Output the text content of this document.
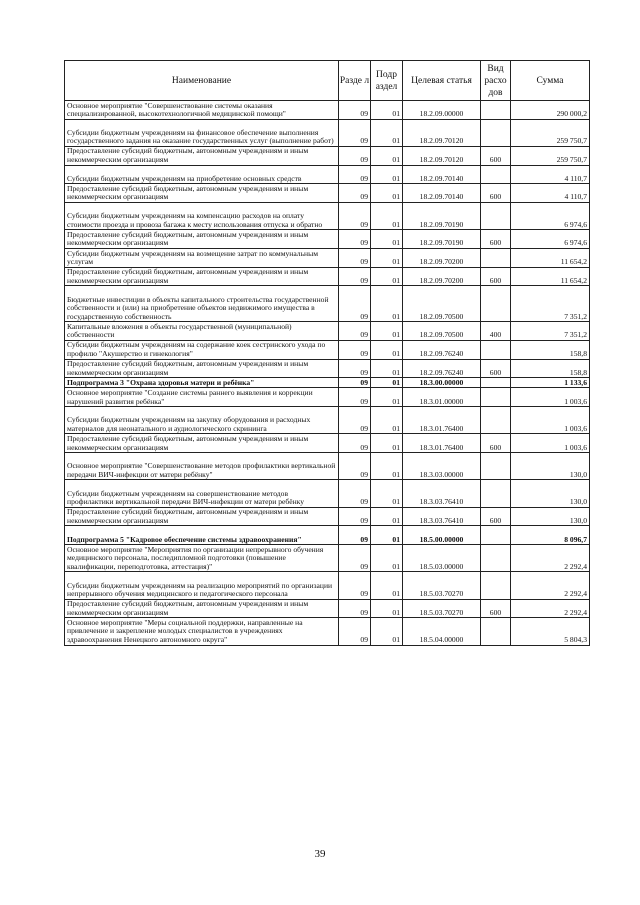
Наименование	Разде л	Подр аздел	Целевая статья	Вид расхо дов	Сумма
Основное мероприятие "Совершенствование системы оказания специализированной, высокотехнологичной медицинской помощи"	09	01	18.2.09.00000		290 000,2
Субсидии бюджетным учреждениям на финансовое обеспечение выполнения государственного задания на оказание государственных услуг (выполнение работ)	09	01	18.2.09.70120		259 750,7
Предоставление субсидий бюджетным, автономным учреждениям и иным некоммерческим организациям	09	01	18.2.09.70120	600	259 750,7
Субсидии бюджетным учреждениям на приобретение основных средств	09	01	18.2.09.70140		4 110,7
Предоставление субсидий бюджетным, автономным учреждениям и иным некоммерческим организациям	09	01	18.2.09.70140	600	4 110,7
Субсидии бюджетным учреждениям на компенсацию расходов на оплату стоимости проезда и провоза багажа к месту использования отпуска и обратно	09	01	18.2.09.70190		6 974,6
Предоставление субсидий бюджетным, автономным учреждениям и иным некоммерческим организациям	09	01	18.2.09.70190	600	6 974,6
Субсидии бюджетным учреждениям на возмещение затрат по коммунальным услугам	09	01	18.2.09.70200		11 654,2
Предоставление субсидий бюджетным, автономным учреждениям и иным некоммерческим организациям	09	01	18.2.09.70200	600	11 654,2
Бюджетные инвестиции в объекты капитального строительства государственной собственности и (или) на приобретение объектов недвижимого имущества в государственную собственность	09	01	18.2.09.70500		7 351,2
Капитальные вложения в объекты государственной (муниципальной) собственности	09	01	18.2.09.70500	400	7 351,2
Субсидии бюджетным учреждениям на содержание коек сестринского ухода по профилю "Акушерство и гинекология"	09	01	18.2.09.76240		158,8
Предоставление субсидий бюджетным, автономным учреждениям и иным некоммерческим организациям	09	01	18.2.09.76240	600	158,8
Подпрограмма 3 "Охрана здоровья матери и ребёнка"	09	01	18.3.00.00000		1 133,6
Основное мероприятие "Создание системы раннего выявления и коррекции нарушений развития ребёнка"	09	01	18.3.01.00000		1 003,6
Субсидии бюджетным учреждениям на закупку оборудования и расходных материалов для неонатального и аудиологического скрининга	09	01	18.3.01.76400		1 003,6
Предоставление субсидий бюджетным, автономным учреждениям и иным некоммерческим организациям	09	01	18.3.01.76400	600	1 003,6
Основное мероприятие "Совершенствование методов профилактики вертикальной передачи ВИЧ-инфекции от матери ребёнку"	09	01	18.3.03.00000		130,0
Субсидии бюджетным учреждениям на совершенствование методов профилактики вертикальной передачи ВИЧ-инфекции от матери ребёнку	09	01	18.3.03.76410		130,0
Предоставление субсидий бюджетным, автономным учреждениям и иным некоммерческим организациям	09	01	18.3.03.76410	600	130,0
Подпрограмма 5 "Кадровое обеспечение системы здравоохранения"	09	01	18.5.00.00000		8 096,7
Основное мероприятие "Мероприятия по организации непрерывного обучения медицинского персонала, последипломной подготовки (повышение квалификации, переподготовка, аттестация)"	09	01	18.5.03.00000		2 292,4
Субсидии бюджетным учреждениям на реализацию мероприятий по организации непрерывного обучения медицинского и педагогического персонала	09	01	18.5.03.70270		2 292,4
Предоставление субсидий бюджетным, автономным учреждениям и иным некоммерческим организациям	09	01	18.5.03.70270	600	2 292,4
Основное мероприятие "Меры социальной поддержки, направленные на привлечение и закрепление молодых специалистов в учреждениях здравоохранения Ненецкого автономного округа"	09	01	18.5.04.00000		5 804,3
39
